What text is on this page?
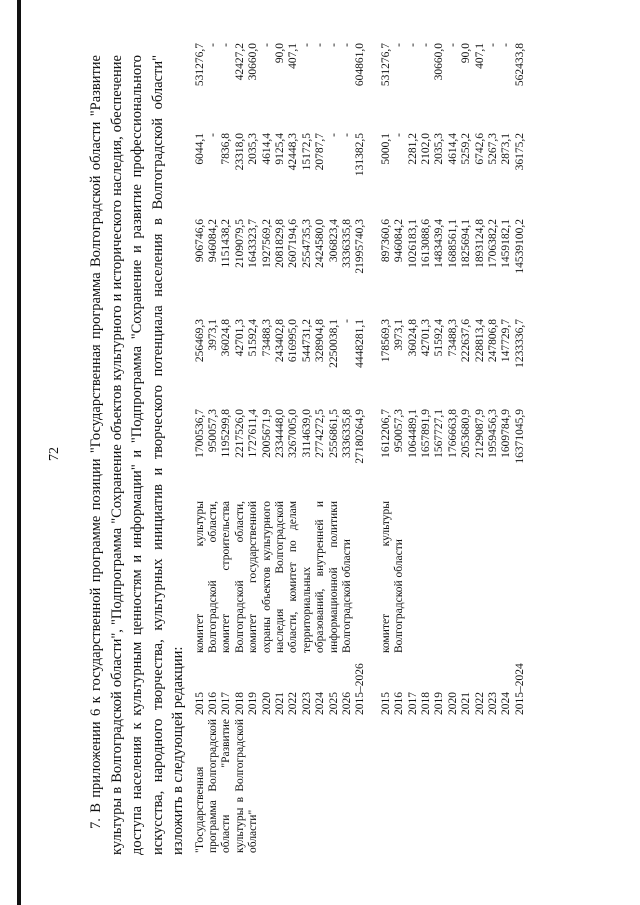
72 7. В приложении 6 к государственной программе позиции "Государственная программа Волгоградской области "Развитие культуры в Волгоградской области", "Подпрограмма "Сохранение объектов культурного и исторического наследия, обеспечение доступа населения к культурным ценностям и информации" и "Подпрограмма "Сохранение и развитие профессионального искусства, народного творчества, культурных инициатив и творческого потенциала населения в Волгоградской области" изложить в следующей редакции: "Государственная программа Волгоградской области "Развитие культуры в Волгоградской области"	2015	комитет культуры Волгоградской области, комитет строительства Волгоградской области, комитет государственной охраны объектов культурного наследия Волгоградской области, комитет по делам территориальных образований, внутренней и информационной политики Волгоградской области	1700536,7	256469,3	906746,6	6044,1	531276,7
	2016		950057,3	3973,1	946084,2	-	-
	2017		1195299,8	36024,8	1151438,2	7836,8	-
	2018		2217526,0	42701,3	2109079,5	23318,0	42427,2
	2019		1727611,4	51592,4	1643323,7	2035,3	30660,0
	2020		2005671,9	73488,3	1927569,2	4614,4	-
	2021		2334448,0	243402,8	2081829,8	9125,4	90,0
	2022		3267005,0	616995,0	2607194,6	42448,3	407,1
	2023		3114639,0	544731,2	2554735,3	15172,5	-
	2024		2774272,5	328904,8	2424580,0	20787,7	-
	2025		2556861,5	2250038,1	306823,4	-	-
	2026		3336335,8	-	3336335,8	-	-
	2015–2026		27180264,9	4448281,1	21995740,3	131382,5	604861,0

	2015	комитет культуры Волгоградской области	1612206,7	178569,3	897360,6	5000,1	531276,7
	2016		950057,3	3973,1	946084,2	-	-
	2017		1064489,1	36024,8	1026183,1	2281,2	-
	2018		1657891,9	42701,3	1613088,6	2102,0	-
	2019		1567727,1	51592,4	1483439,4	2035,3	30660,0
	2020		1766663,8	73488,3	1688561,1	4614,4	-
	2021		2053680,9	222637,6	1825694,1	5259,2	90,0
	2022		2129087,9	228813,4	1893124,8	6742,6	407,1
	2023		1959456,3	247806,8	1706382,2	5267,3	-
	2024		1609784,9	147729,7	1459182,1	2873,1	-
	2015–2024		16371045,9	1233336,7	14539100,2	36175,2	562433,8
